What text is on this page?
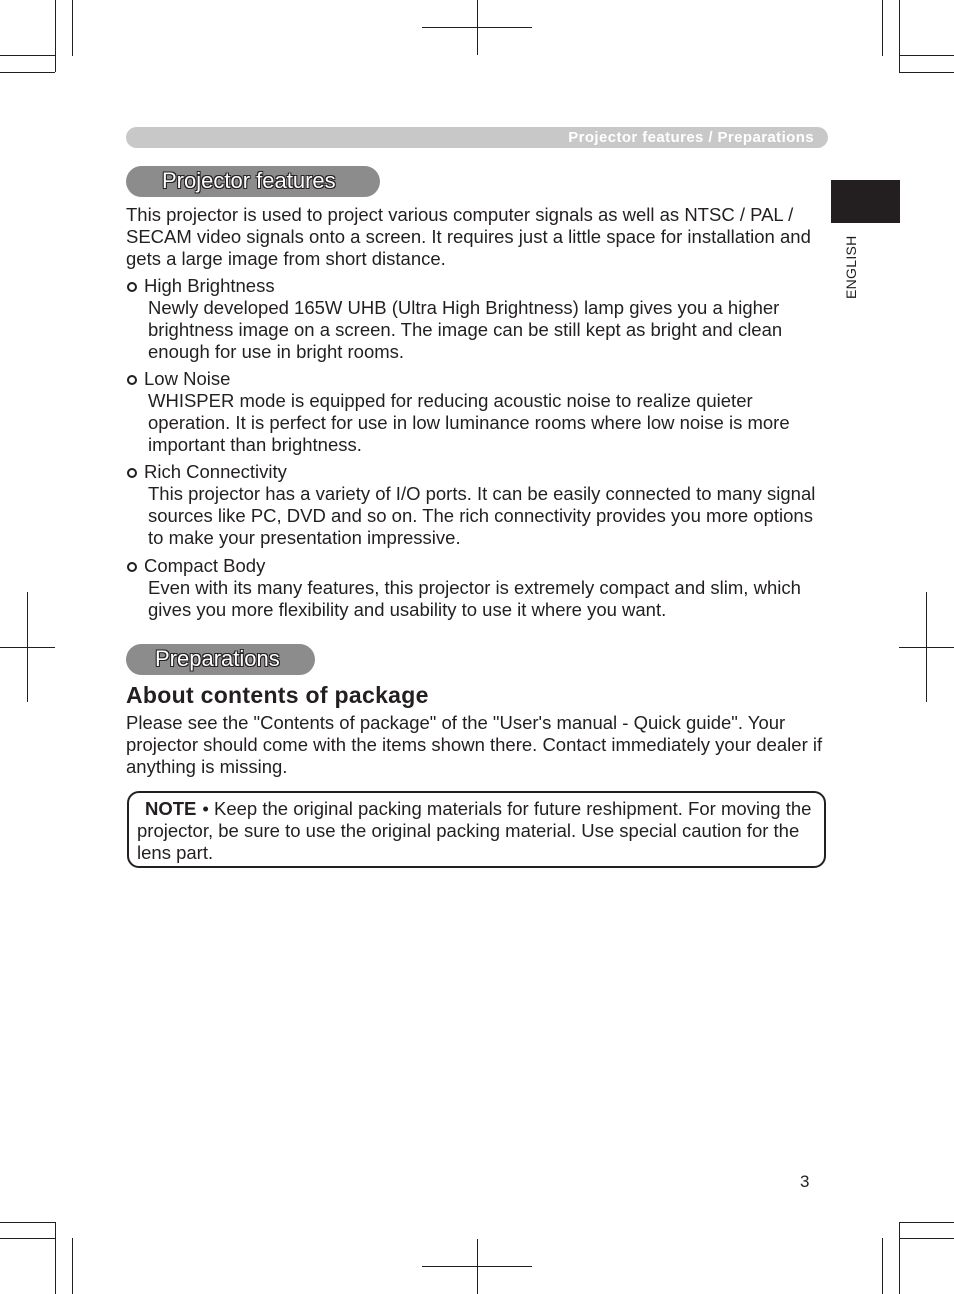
Projector features / Preparations
ENGLISH
Projector features

This projector is used to project various computer signals as well as NTSC / PAL / SECAM video signals onto a screen. It requires just a little space for installation and gets a large image from short distance.

High Brightness

Newly developed 165W UHB (Ultra High Brightness) lamp gives you a higher brightness image on a screen. The image can be still kept as bright and clean enough for use in bright rooms.

Low Noise

WHISPER mode is equipped for reducing acoustic noise to realize quieter operation. It is perfect for use in low luminance rooms where low noise is more important than brightness.

Rich Connectivity

This projector has a variety of I/O ports. It can be easily connected to many signal sources like PC, DVD and so on. The rich connectivity provides you more options to make your presentation impressive.

Compact Body

Even with its many features, this projector is extremely compact and slim, which gives you more flexibility and usability to use it where you want.

Preparations
About contents of package

Please see the "Contents of package" of the "User's manual - Quick guide". Your projector should come with the items shown there. Contact immediately your dealer if anything is missing.

NOTE • Keep the original packing materials for future reshipment. For moving the projector, be sure to use the original packing material. Use special caution for the lens part.

3
